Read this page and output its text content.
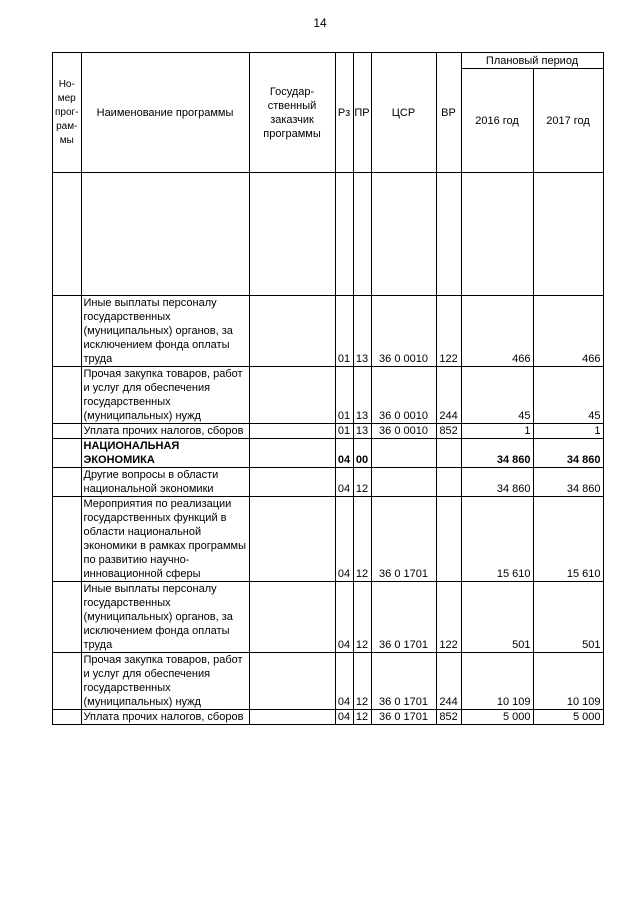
14
Но-мер прог-рам-мы	Наименование программы	Государ-ственный заказчик программы	Рз	ПР	ЦСР	ВР	Плановый период	
							2016 год	2017 год

	Иные выплаты персоналу государственных (муниципальных) органов, за исключением фонда оплаты труда		01	13	36 0 0010	122	466	466
	Прочая закупка товаров, работ и услуг для обеспечения государственных (муниципальных) нужд		01	13	36 0 0010	244	45	45
	Уплата прочих налогов, сборов		01	13	36 0 0010	852	1	1
	НАЦИОНАЛЬНАЯ ЭКОНОМИКА		04	00			34 860	34 860
	Другие вопросы в области национальной экономики		04	12			34 860	34 860
	Мероприятия по реализации государственных функций в области национальной экономики в рамках программы по развитию научно-инновационной сферы		04	12	36 0 1701		15 610	15 610
	Иные выплаты персоналу государственных (муниципальных) органов, за исключением фонда оплаты труда		04	12	36 0 1701	122	501	501
	Прочая закупка товаров, работ и услуг для обеспечения государственных (муниципальных) нужд		04	12	36 0 1701	244	10 109	10 109
	Уплата прочих налогов, сборов		04	12	36 0 1701	852	5 000	5 000
